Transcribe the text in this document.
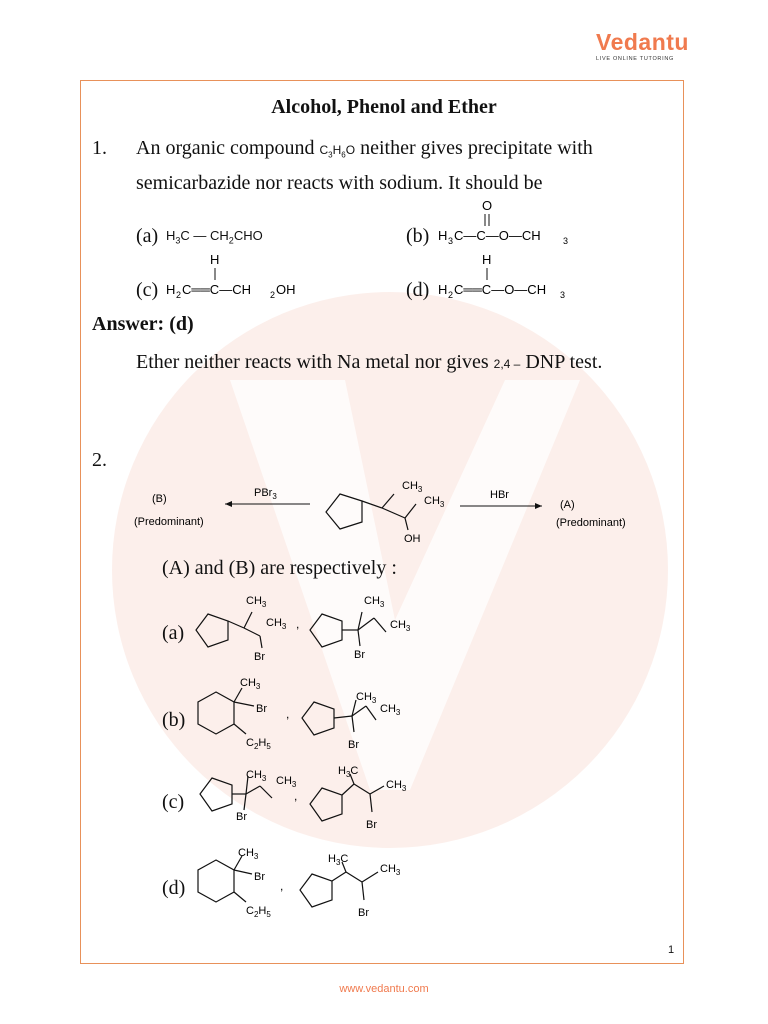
Vedantu
LIVE ONLINE TUTORING
Alcohol, Phenol and Ether
1. An organic compound $C_3H_6O$ neither gives precipitate with
semicarbazide nor reacts with sodium. It should be
(a) $H_3C$ — $CH_2CHO$	(b)
O
H 3 C—C—O—CH 3
(c)
H
H 2 C══C—CH 2 OH	(d)
H
H 2 C══C—O—CH 3
Answer: (d)
Ether neither reacts with Na metal nor gives 2,4 – DNP test.
2.
(B)
(Predominant)
PBr$_3$
$CH_3$
$CH_3$
OH
HBr
(A)
(Predominant)
(A) and (B) are respectively :
(a)
$CH_3$
$CH_3$
Br
,
$CH_3$
$CH_3$
Br
(b)
$CH_3$
Br
$C_2H_5$
,
$CH_3$
$CH_3$
Br
(c)
$CH_3$ $CH_3$
Br
,
$H_3C$
$CH_3$
Br
(d)
$CH_3$
Br
$C_2H_5$
,
$H_3C$
$CH_3$
Br
1
www.vedantu.com
